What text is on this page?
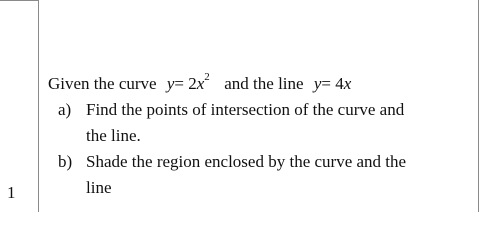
1
Given the curve $y= 2x^2$ and the line y= 4x
a) Find the points of intersection of the curve and
the line.
b) Shade the region enclosed by the curve and the
line
